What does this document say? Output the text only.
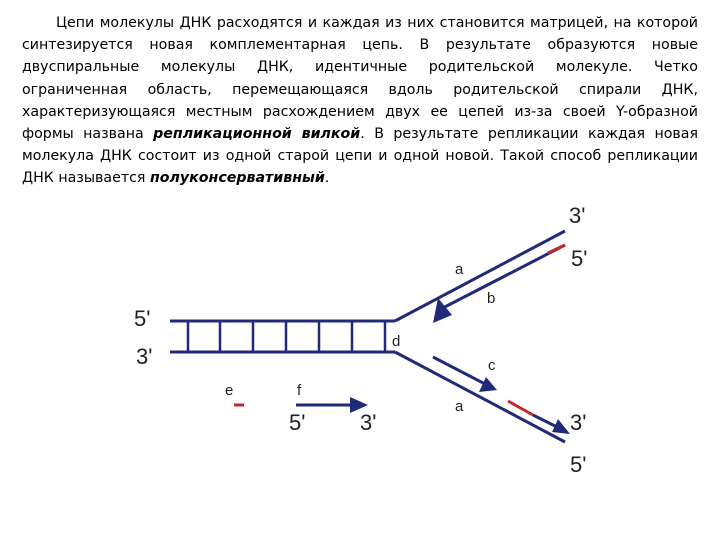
Цепи молекулы ДНК расходятся и каждая из них становится матрицей, на которой синтезируется новая комплементарная цепь. В результате образуются новые двуспиральные молекулы ДНК, идентичные родительской молекуле. Четко ограниченная область, перемещающаяся вдоль родительской спирали ДНК, характеризующаяся местным расхождением двух ее цепей из-за своей Y-образной формы названа репликационной вилкой. В результате репликации каждая новая молекула ДНК состоит из одной старой цепи и одной новой. Такой способ репликации ДНК называется полуконсервативный.

3'
5'
5'
3'
5' 3'	3'
5'
a
b
c
a
d
e	f
